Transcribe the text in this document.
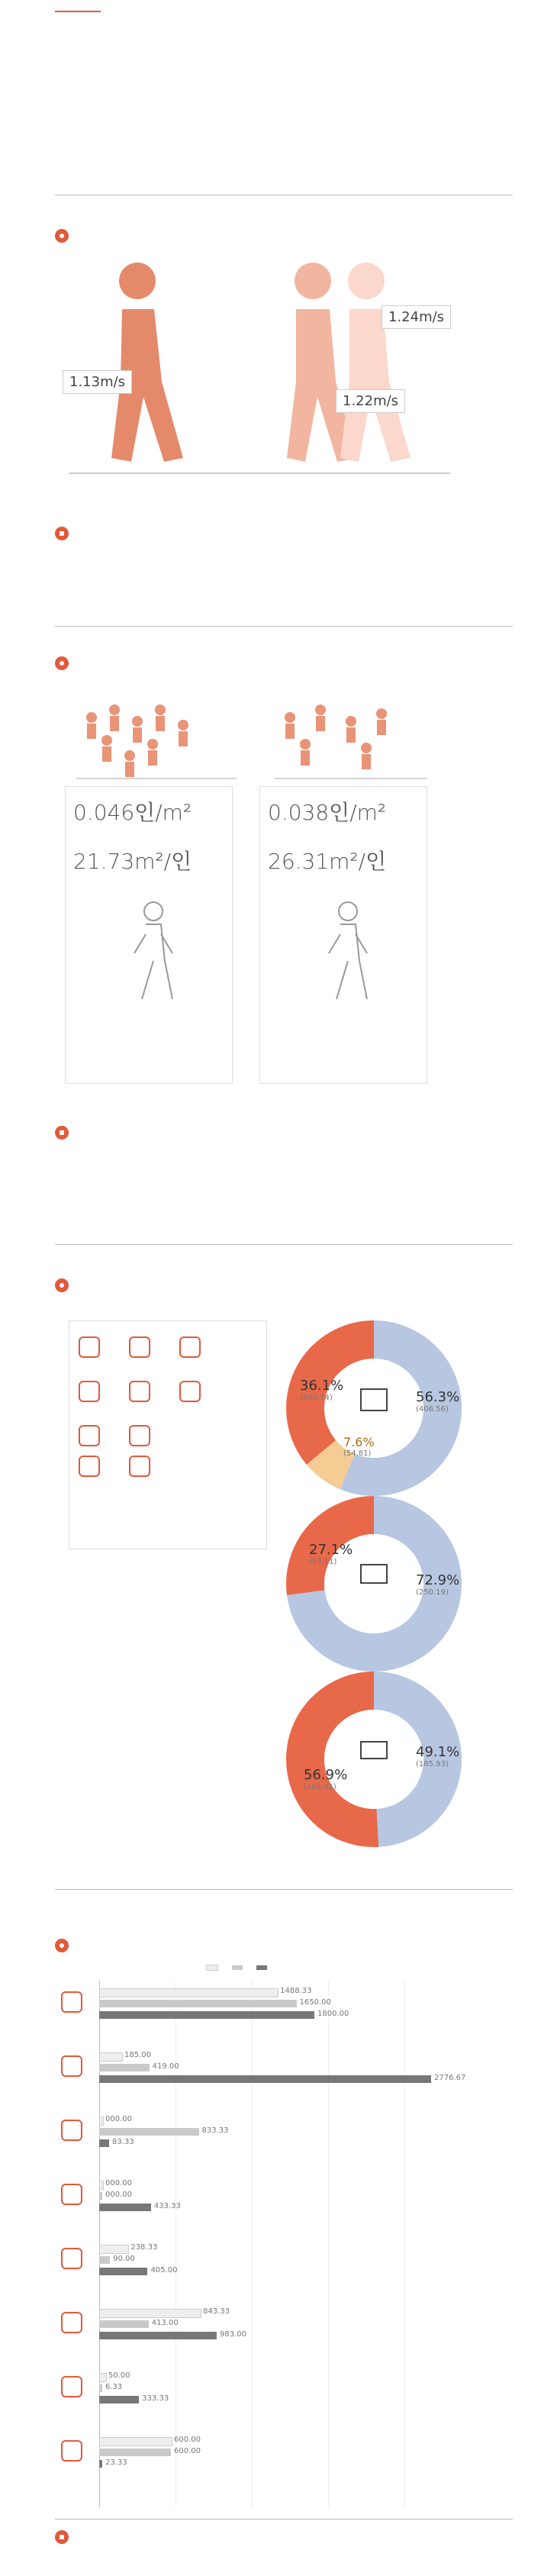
1.13m/s
1.24m/s
1.22m/s
0.046인/m²
21.73m²/인
0.038인/m²
26.31m²/인
36.1%
(260.74)	56.3%
(406.56)
7.6%
(54.81)
27.1%
(93.11)
72.9%
(250.19)
56.9%
(192.41)
49.1%
(185.93)
1488.33
1650.00
1800.00
185.00
419.00
2776.67
000.00
833.33
83.33
000.00
000.00
433.33
238.33
90.00
405.00
843.33
413.00
983.00
50.00
6.33
333.33
600.00
600.00
23.33
